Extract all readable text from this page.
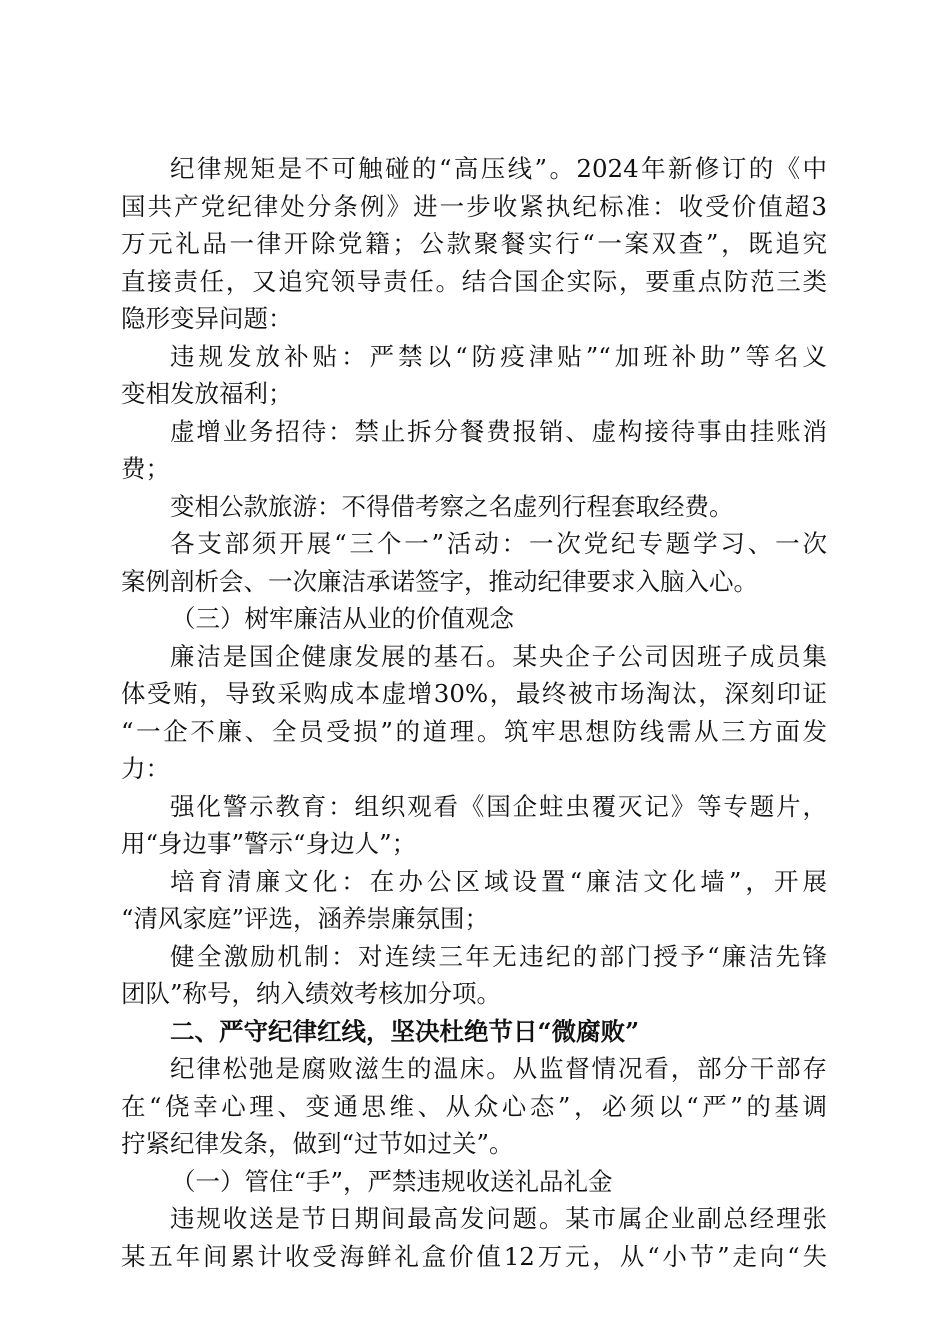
纪律规矩是不可触碰的“高压线”。2024年新修订的《中
国共产党纪律处分条例》进一步收紧执纪标准：收受价值超3
万元礼品一律开除党籍；公款聚餐实行“一案双查”，既追究
直接责任，又追究领导责任。结合国企实际，要重点防范三类
隐形变异问题：
违规发放补贴：严禁以“防疫津贴”“加班补助”等名义
变相发放福利；
虚增业务招待：禁止拆分餐费报销、虚构接待事由挂账消
费；
变相公款旅游：不得借考察之名虚列行程套取经费。
各支部须开展“三个一”活动：一次党纪专题学习、一次
案例剖析会、一次廉洁承诺签字，推动纪律要求入脑入心。
（三）树牢廉洁从业的价值观念
廉洁是国企健康发展的基石。某央企子公司因班子成员集
体受贿，导致采购成本虚增30%，最终被市场淘汰，深刻印证
“一企不廉、全员受损”的道理。筑牢思想防线需从三方面发
力：
强化警示教育：组织观看《国企蛀虫覆灭记》等专题片，
用“身边事”警示“身边人”；
培育清廉文化：在办公区域设置“廉洁文化墙”，开展
“清风家庭”评选，涵养崇廉氛围；
健全激励机制：对连续三年无违纪的部门授予“廉洁先锋
团队”称号，纳入绩效考核加分项。
二、严守纪律红线，坚决杜绝节日“微腐败”
纪律松弛是腐败滋生的温床。从监督情况看，部分干部存
在“侥幸心理、变通思维、从众心态”，必须以“严”的基调
拧紧纪律发条，做到“过节如过关”。
（一）管住“手”，严禁违规收送礼品礼金
违规收送是节日期间最高发问题。某市属企业副总经理张
某五年间累计收受海鲜礼盒价值12万元，从“小节”走向“失
